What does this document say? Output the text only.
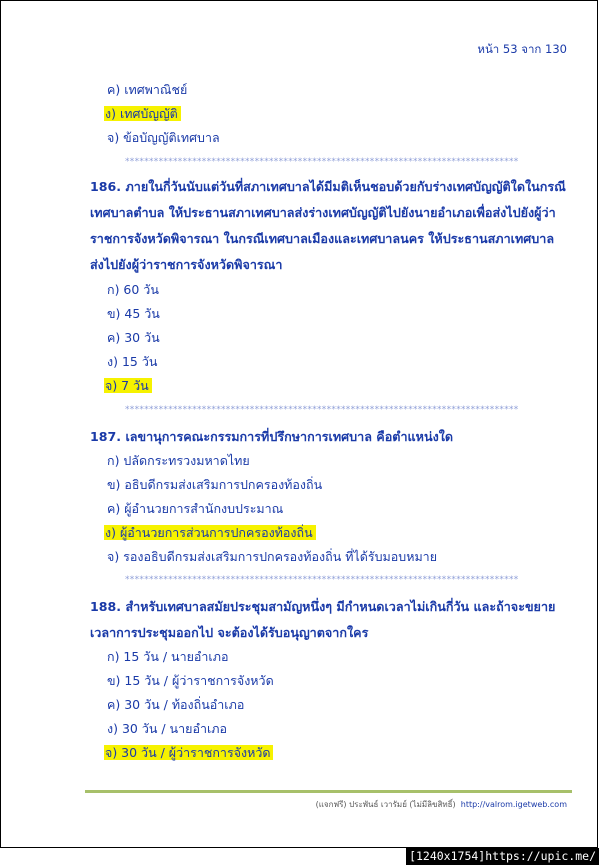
หน้า 53 จาก 130
ค) เทศพาณิชย์
ง) เทศบัญญัติ
จ) ข้อบัญญัติเทศบาล
**********************************************************************************
186. ภายในกี่วันนับแต่วันที่สภาเทศบาลได้มีมติเห็นชอบด้วยกับร่างเทศบัญญัติใดในกรณี
เทศบาลตำบล ให้ประธานสภาเทศบาลส่งร่างเทศบัญญัติไปยังนายอำเภอเพื่อส่งไปยังผู้ว่า
ราชการจังหวัดพิจารณา ในกรณีเทศบาลเมืองและเทศบาลนคร ให้ประธานสภาเทศบาล
ส่งไปยังผู้ว่าราชการจังหวัดพิจารณา
ก) 60 วัน
ข) 45 วัน
ค) 30 วัน
ง) 15 วัน
จ) 7 วัน
**********************************************************************************
187. เลขานุการคณะกรรมการที่ปรึกษาการเทศบาล คือตำแหน่งใด
ก) ปลัดกระทรวงมหาดไทย
ข) อธิบดีกรมส่งเสริมการปกครองท้องถิ่น
ค) ผู้อำนวยการสำนักงบประมาณ
ง) ผู้อำนวยการส่วนการปกครองท้องถิ่น
จ) รองอธิบดีกรมส่งเสริมการปกครองท้องถิ่น ที่ได้รับมอบหมาย
**********************************************************************************
188. สำหรับเทศบาลสมัยประชุมสามัญหนึ่งๆ มีกำหนดเวลาไม่เกินกี่วัน และถ้าจะขยาย
เวลาการประชุมออกไป จะต้องได้รับอนุญาตจากใคร
ก) 15 วัน / นายอำเภอ
ข) 15 วัน / ผู้ว่าราชการจังหวัด
ค) 30 วัน / ท้องถิ่นอำเภอ
ง) 30 วัน / นายอำเภอ
จ) 30 วัน / ผู้ว่าราชการจังหวัด
(แจกฟรี) ประพันธ์ เวารัมย์ (ไม่มีลิขสิทธิ์) http://valrom.igetweb.com
[1240x1754]https://upic.me/
